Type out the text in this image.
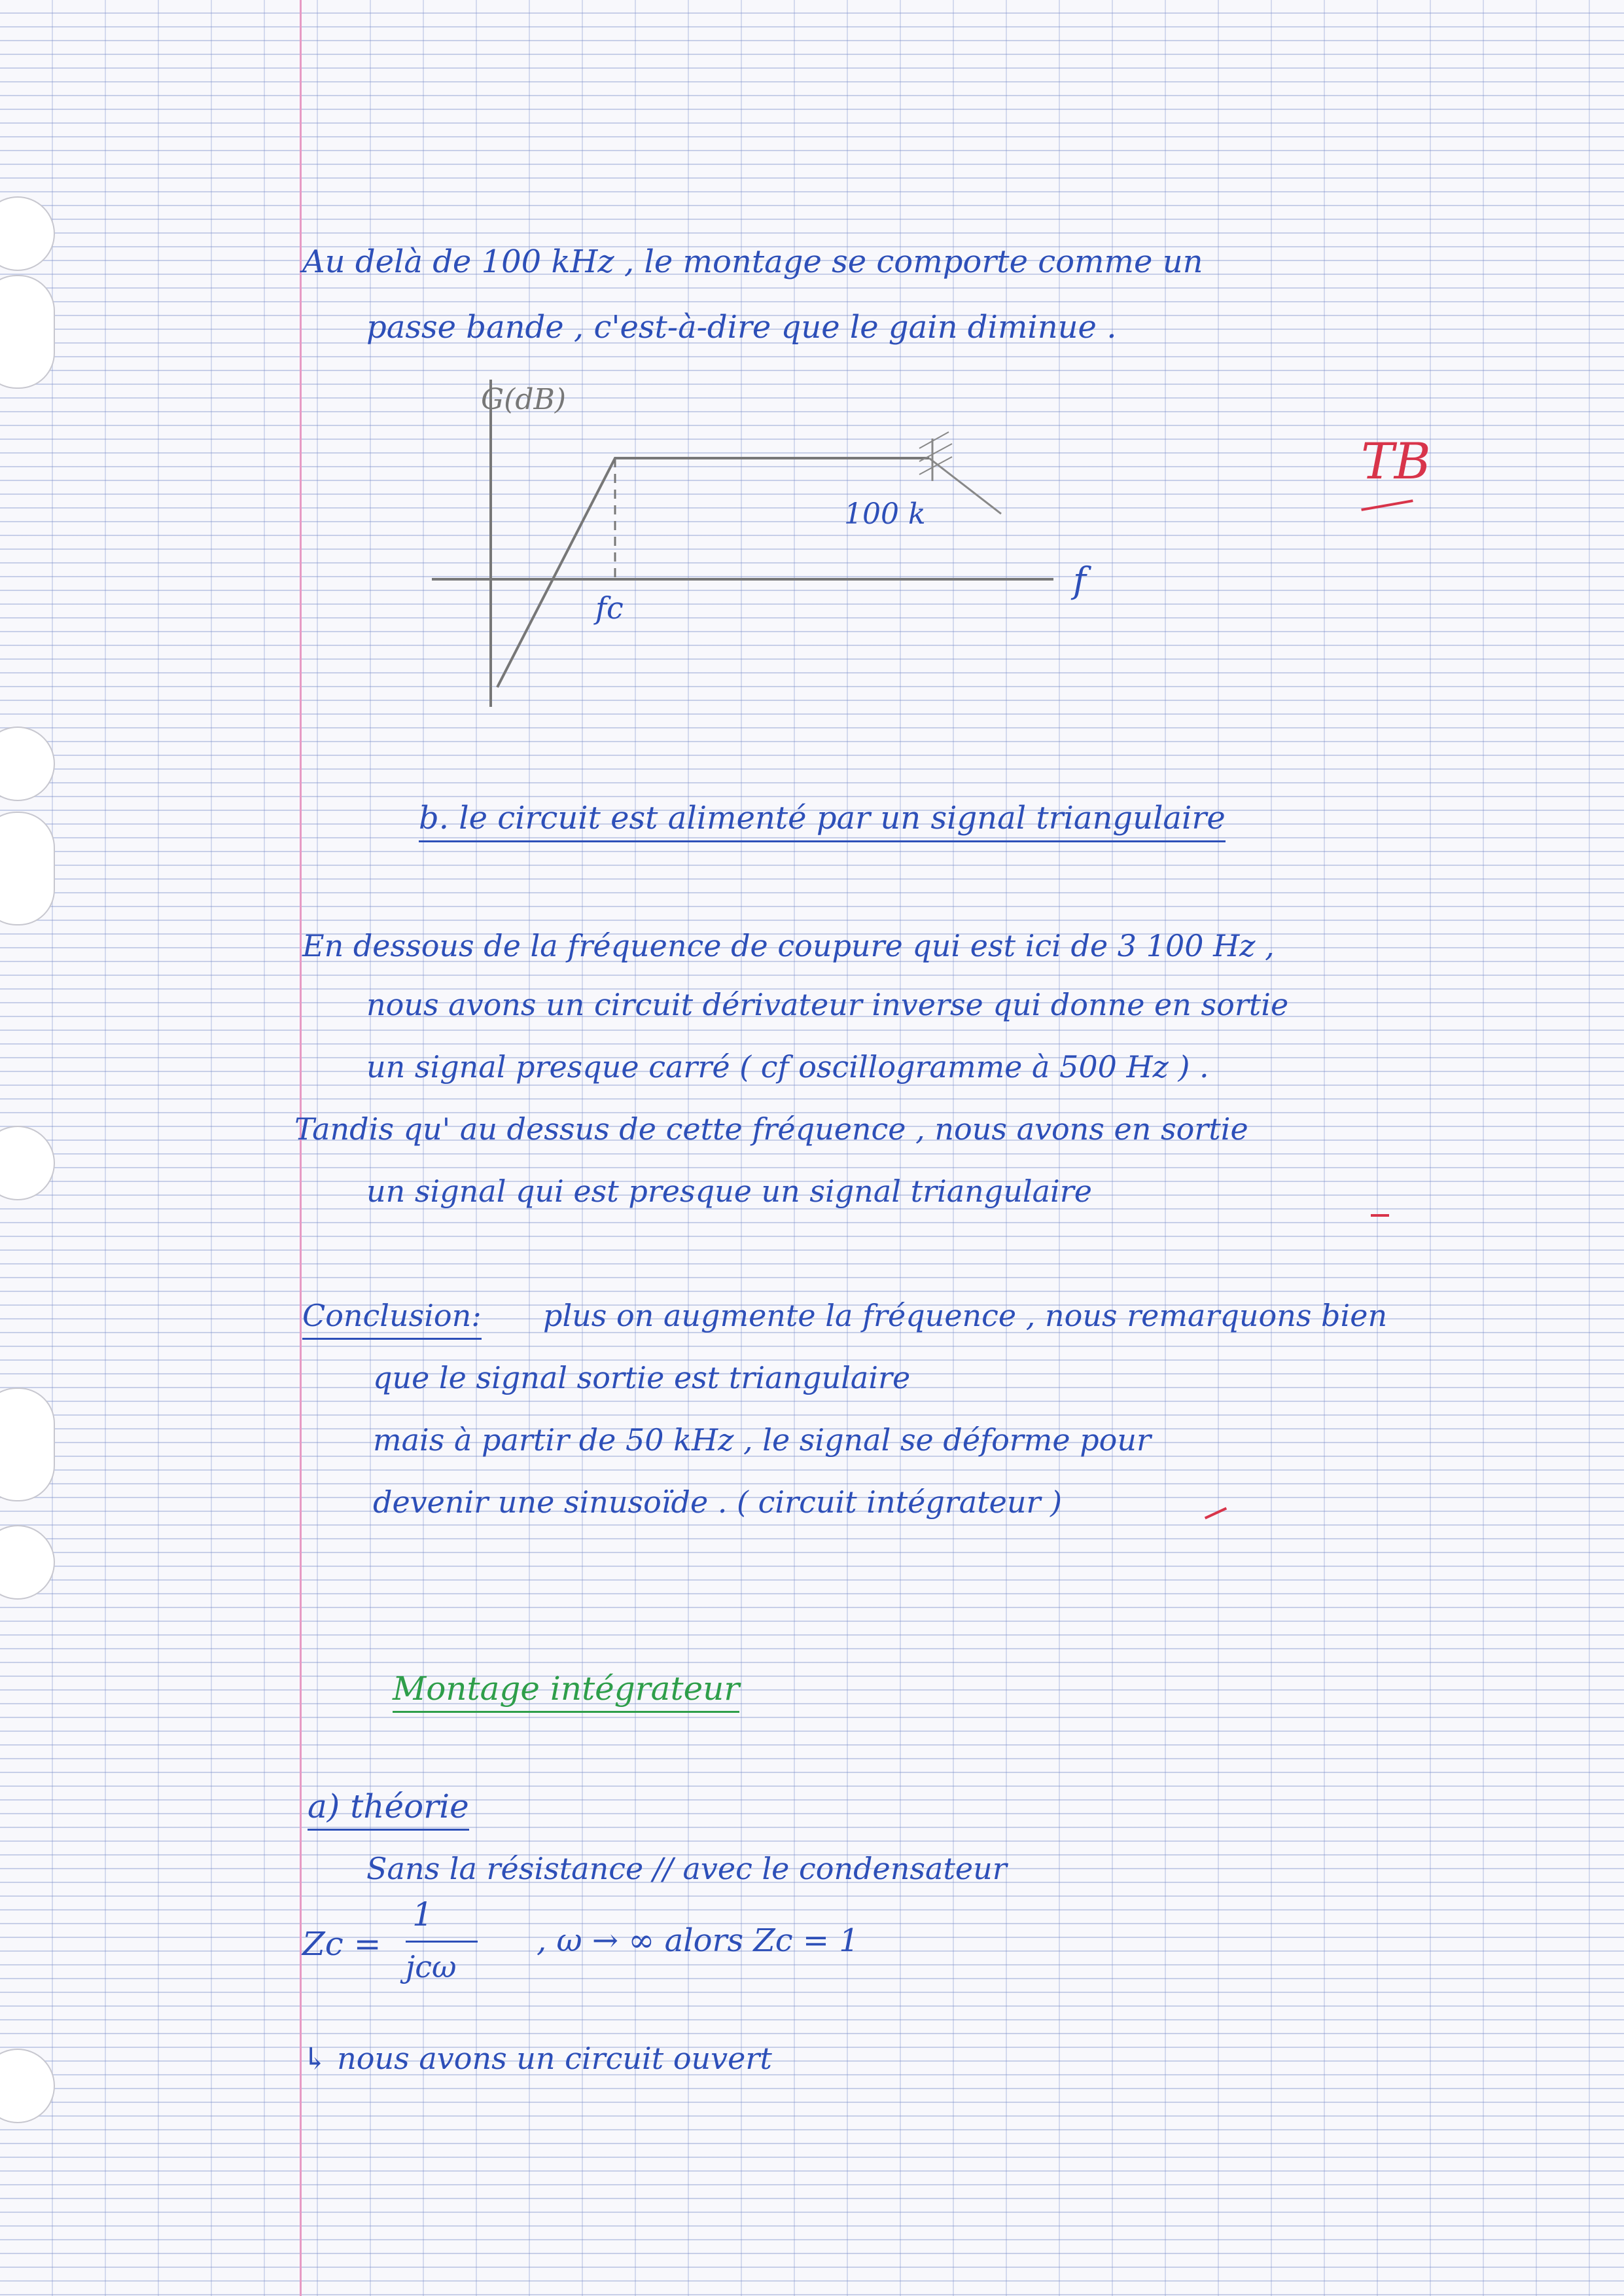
Au delà de 100 kHz , le montage se comporte comme un
passe bande , c'est-à-dire que le gain diminue .
G(dB)
f
fc
100 k
TB
b. le circuit est alimenté par un signal triangulaire
En dessous de la fréquence de coupure qui est ici de 3 100 Hz ,
nous avons un circuit dérivateur inverse qui donne en sortie
un signal presque carré ( cf oscillogramme à 500 Hz ) .
Tandis qu' au dessus de cette fréquence , nous avons en sortie
un signal qui est presque un signal triangulaire
Conclusion: plus on augmente la fréquence , nous remarquons bien
que le signal sortie est triangulaire
mais à partir de 50 kHz , le signal se déforme pour
devenir une sinusoïde . ( circuit intégrateur )
Montage intégrateur
a) théorie
Sans la résistance // avec le condensateur
Zc =
1
jcω
, ω → ∞ alors Zc = 1
↳ nous avons un circuit ouvert
